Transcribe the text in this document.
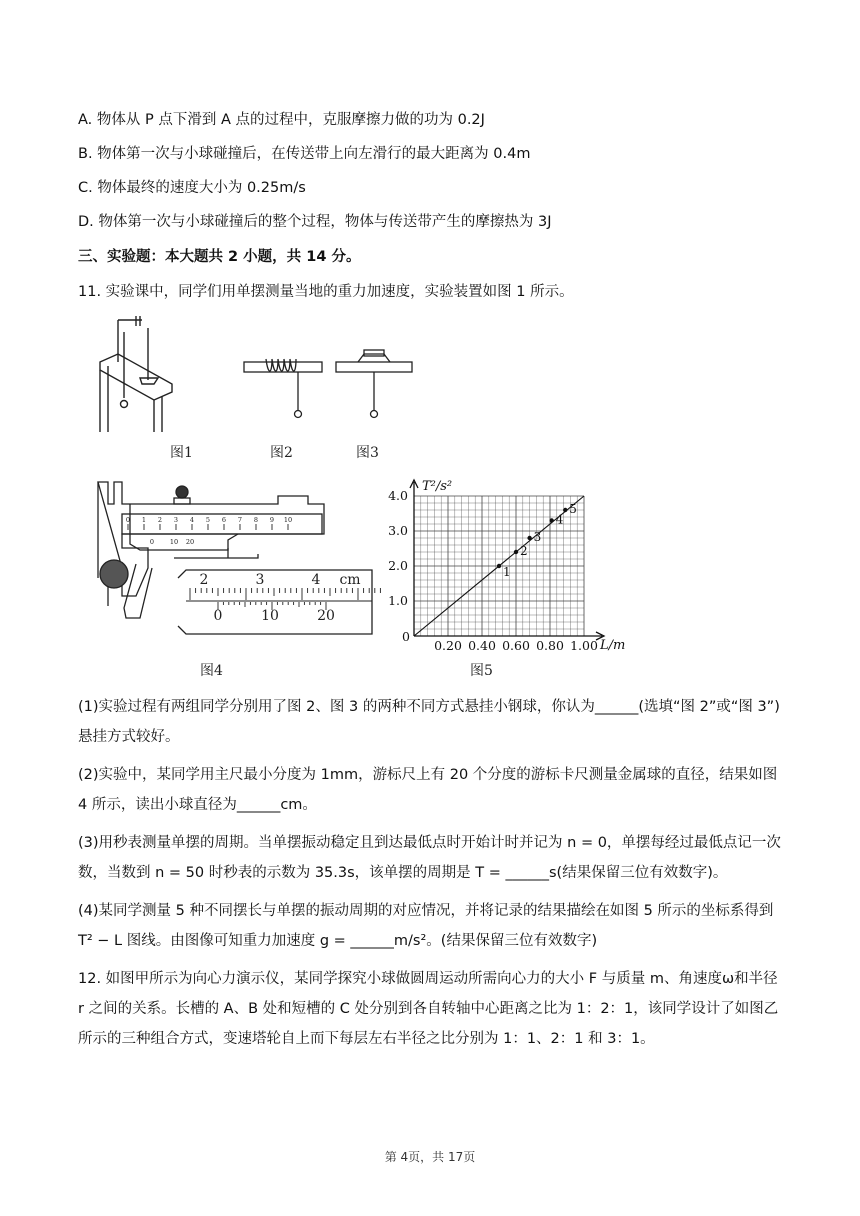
A. 物体从 P 点下滑到 A 点的过程中，克服摩擦力做的功为 0.2J
B. 物体第一次与小球碰撞后，在传送带上向左滑行的最大距离为 0.4m
C. 物体最终的速度大小为 0.25m/s
D. 物体第一次与小球碰撞后的整个过程，物体与传送带产生的摩擦热为 3J
三、实验题：本大题共 2 小题，共 14 分。
11. 实验课中，同学们用单摆测量当地的重力加速度，实验装置如图 1 所示。
图1	图2	图3
0 1 2 3 4 5 6 7 8 9 10
0 10 20
2	3	4 cm
0	10	20
图4
1
2
3
4
5
0.20 0.40 0.60 0.80 1.00
1.0
2.0
3.0
4.0
T²/s²
L/m
0
图5
(1)实验过程有两组同学分别用了图 2、图 3 的两种不同方式悬挂小钢球，你认为______(选填“图 2”或“图 3”)悬挂方式较好。
(2)实验中，某同学用主尺最小分度为 1mm，游标尺上有 20 个分度的游标卡尺测量金属球的直径，结果如图 4 所示，读出小球直径为______cm。
(3)用秒表测量单摆的周期。当单摆振动稳定且到达最低点时开始计时并记为 n = 0，单摆每经过最低点记一次数，当数到 n = 50 时秒表的示数为 35.3s，该单摆的周期是 T = ______s(结果保留三位有效数字)。
(4)某同学测量 5 种不同摆长与单摆的振动周期的对应情况，并将记录的结果描绘在如图 5 所示的坐标系得到T² − L 图线。由图像可知重力加速度 g = ______m/s²。(结果保留三位有效数字)
12. 如图甲所示为向心力演示仪，某同学探究小球做圆周运动所需向心力的大小 F 与质量 m、角速度ω和半径 r 之间的关系。长槽的 A、B 处和短槽的 C 处分别到各自转轴中心距离之比为 1：2：1，该同学设计了如图乙所示的三种组合方式，变速塔轮自上而下每层左右半径之比分别为 1：1、2：1 和 3：1。
第 4页，共 17页
